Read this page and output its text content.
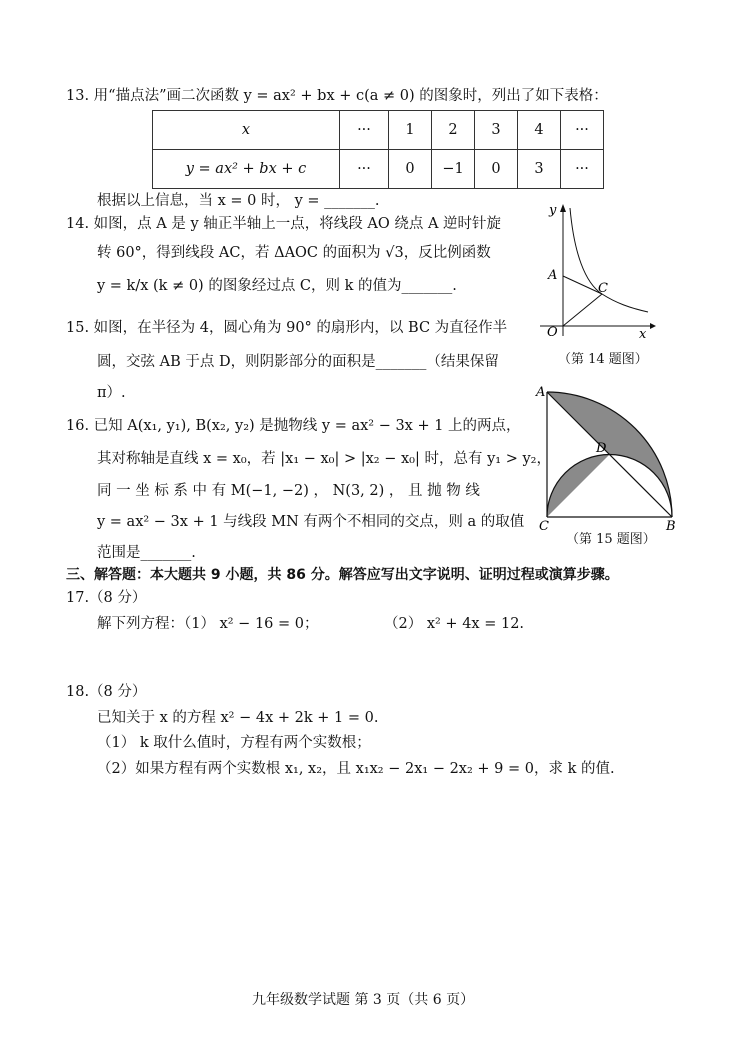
13. 用“描点法”画二次函数 y = ax² + bx + c(a ≠ 0) 的图象时，列出了如下表格：
x	···	1	2	3	4	···
y = ax² + bx + c	···	0	−1	0	3	···
根据以上信息，当 x = 0 时， y = _______.
14. 如图，点 A 是 y 轴正半轴上一点，将线段 AO 绕点 A 逆时针旋
转 60°，得到线段 AC，若 ΔAOC 的面积为 √3，反比例函数
y = k/x (k ≠ 0) 的图象经过点 C，则 k 的值为_______.
y
A
C
O	x
（第 14 题图）
15. 如图，在半径为 4，圆心角为 90° 的扇形内，以 BC 为直径作半
圆，交弦 AB 于点 D，则阴影部分的面积是_______（结果保留
π）.	A
D
C	B
（第 15 题图）
16. 已知 A(x₁, y₁), B(x₂, y₂) 是抛物线 y = ax² − 3x + 1 上的两点，
其对称轴是直线 x = x₀，若 |x₁ − x₀| > |x₂ − x₀| 时，总有 y₁ > y₂，
同 一 坐 标 系 中 有 M(−1, −2) ， N(3, 2) ， 且 抛 物 线
y = ax² − 3x + 1 与线段 MN 有两个不相同的交点，则 a 的取值
范围是_______.
三、解答题：本大题共 9 小题，共 86 分。解答应写出文字说明、证明过程或演算步骤。
17.（8 分）
解下列方程：（1） x² − 16 = 0；	（2） x² + 4x = 12.
18.（8 分）
已知关于 x 的方程 x² − 4x + 2k + 1 = 0.
（1） k 取什么值时，方程有两个实数根；
（2）如果方程有两个实数根 x₁, x₂，且 x₁x₂ − 2x₁ − 2x₂ + 9 = 0，求 k 的值.
九年级数学试题 第 3 页（共 6 页）
